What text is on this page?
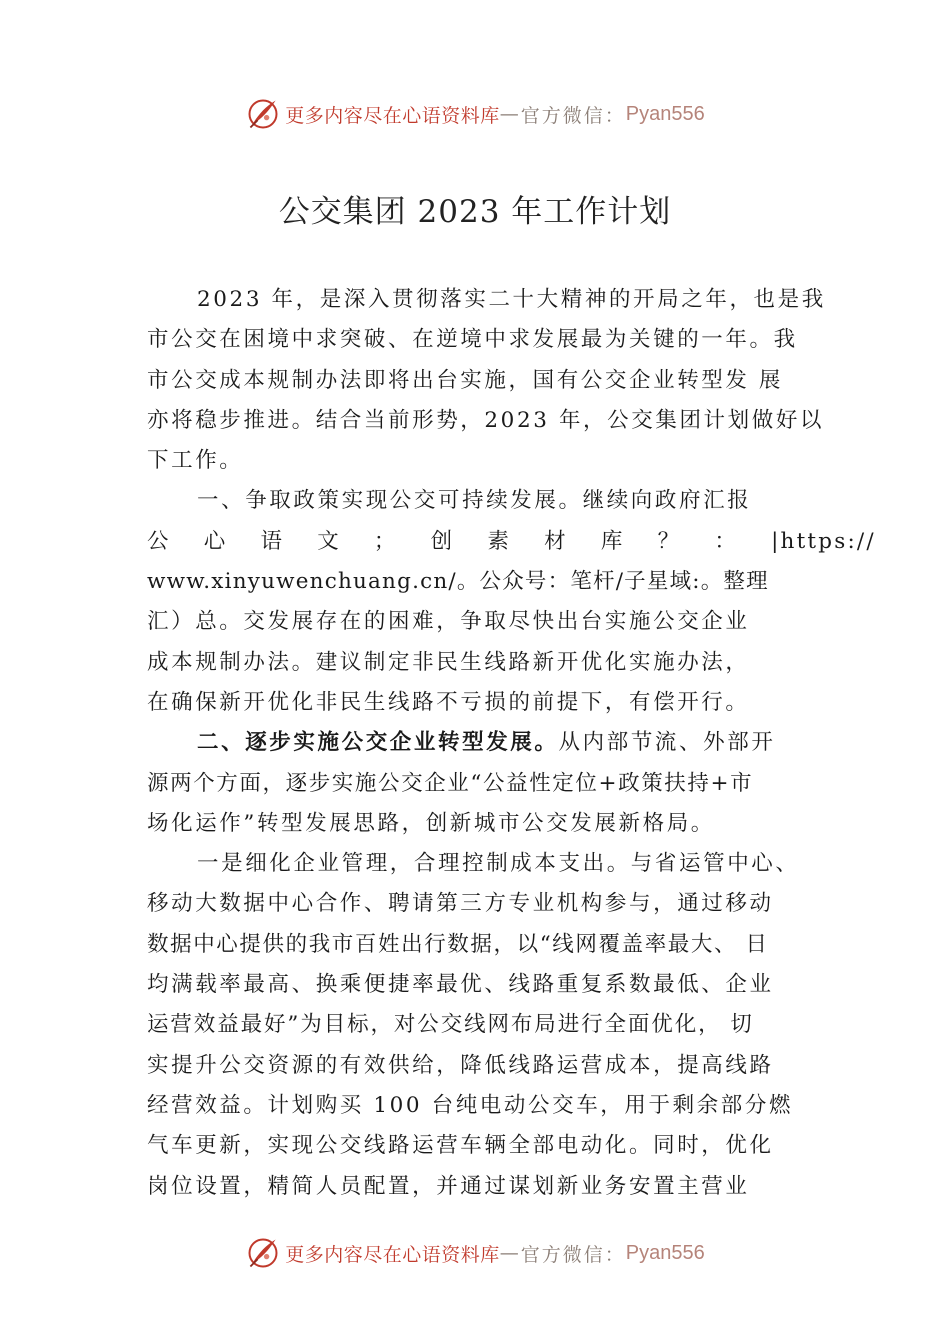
更多内容尽在心语资料库 — 官方微信： Pyan556
公交集团 2023 年工作计划
2023 年，是深入贯彻落实二十大精神的开局之年，也是我
市公交在困境中求突破、在逆境中求发展最为关键的一年。我
市公交成本规制办法即将出台实施，国有公交企业转型发 展
亦将稳步推进。结合当前形势，2023 年，公交集团计划做好以
下工作。
一、争取政策实现公交可持续发展。继续向政府汇报
公 心 语 文 ； 创 素 材 库 ？ ： |https://
www.xinyuwenchuang.cn/。公众号：笔杆/子星域:。整理
汇）总。交发展存在的困难，争取尽快出台实施公交企业
成本规制办法。建议制定非民生线路新开优化实施办法，
在确保新开优化非民生线路不亏损的前提下，有偿开行。
二、逐步实施公交企业转型发展。从内部节流、外部开
源两个方面，逐步实施公交企业“公益性定位+政策扶持+市
场化运作”转型发展思路，创新城市公交发展新格局。
一是细化企业管理，合理控制成本支出。与省运管中心、
移动大数据中心合作、聘请第三方专业机构参与，通过移动
数据中心提供的我市百姓出行数据，以“线网覆盖率最大、 日
均满载率最高、换乘便捷率最优、线路重复系数最低、企业
运营效益最好”为目标，对公交线网布局进行全面优化， 切
实提升公交资源的有效供给，降低线路运营成本，提高线路
经营效益。计划购买 100 台纯电动公交车，用于剩余部分燃
气车更新，实现公交线路运营车辆全部电动化。同时，优化
岗位设置，精简人员配置，并通过谋划新业务安置主营业
更多内容尽在心语资料库 — 官方微信： Pyan556
